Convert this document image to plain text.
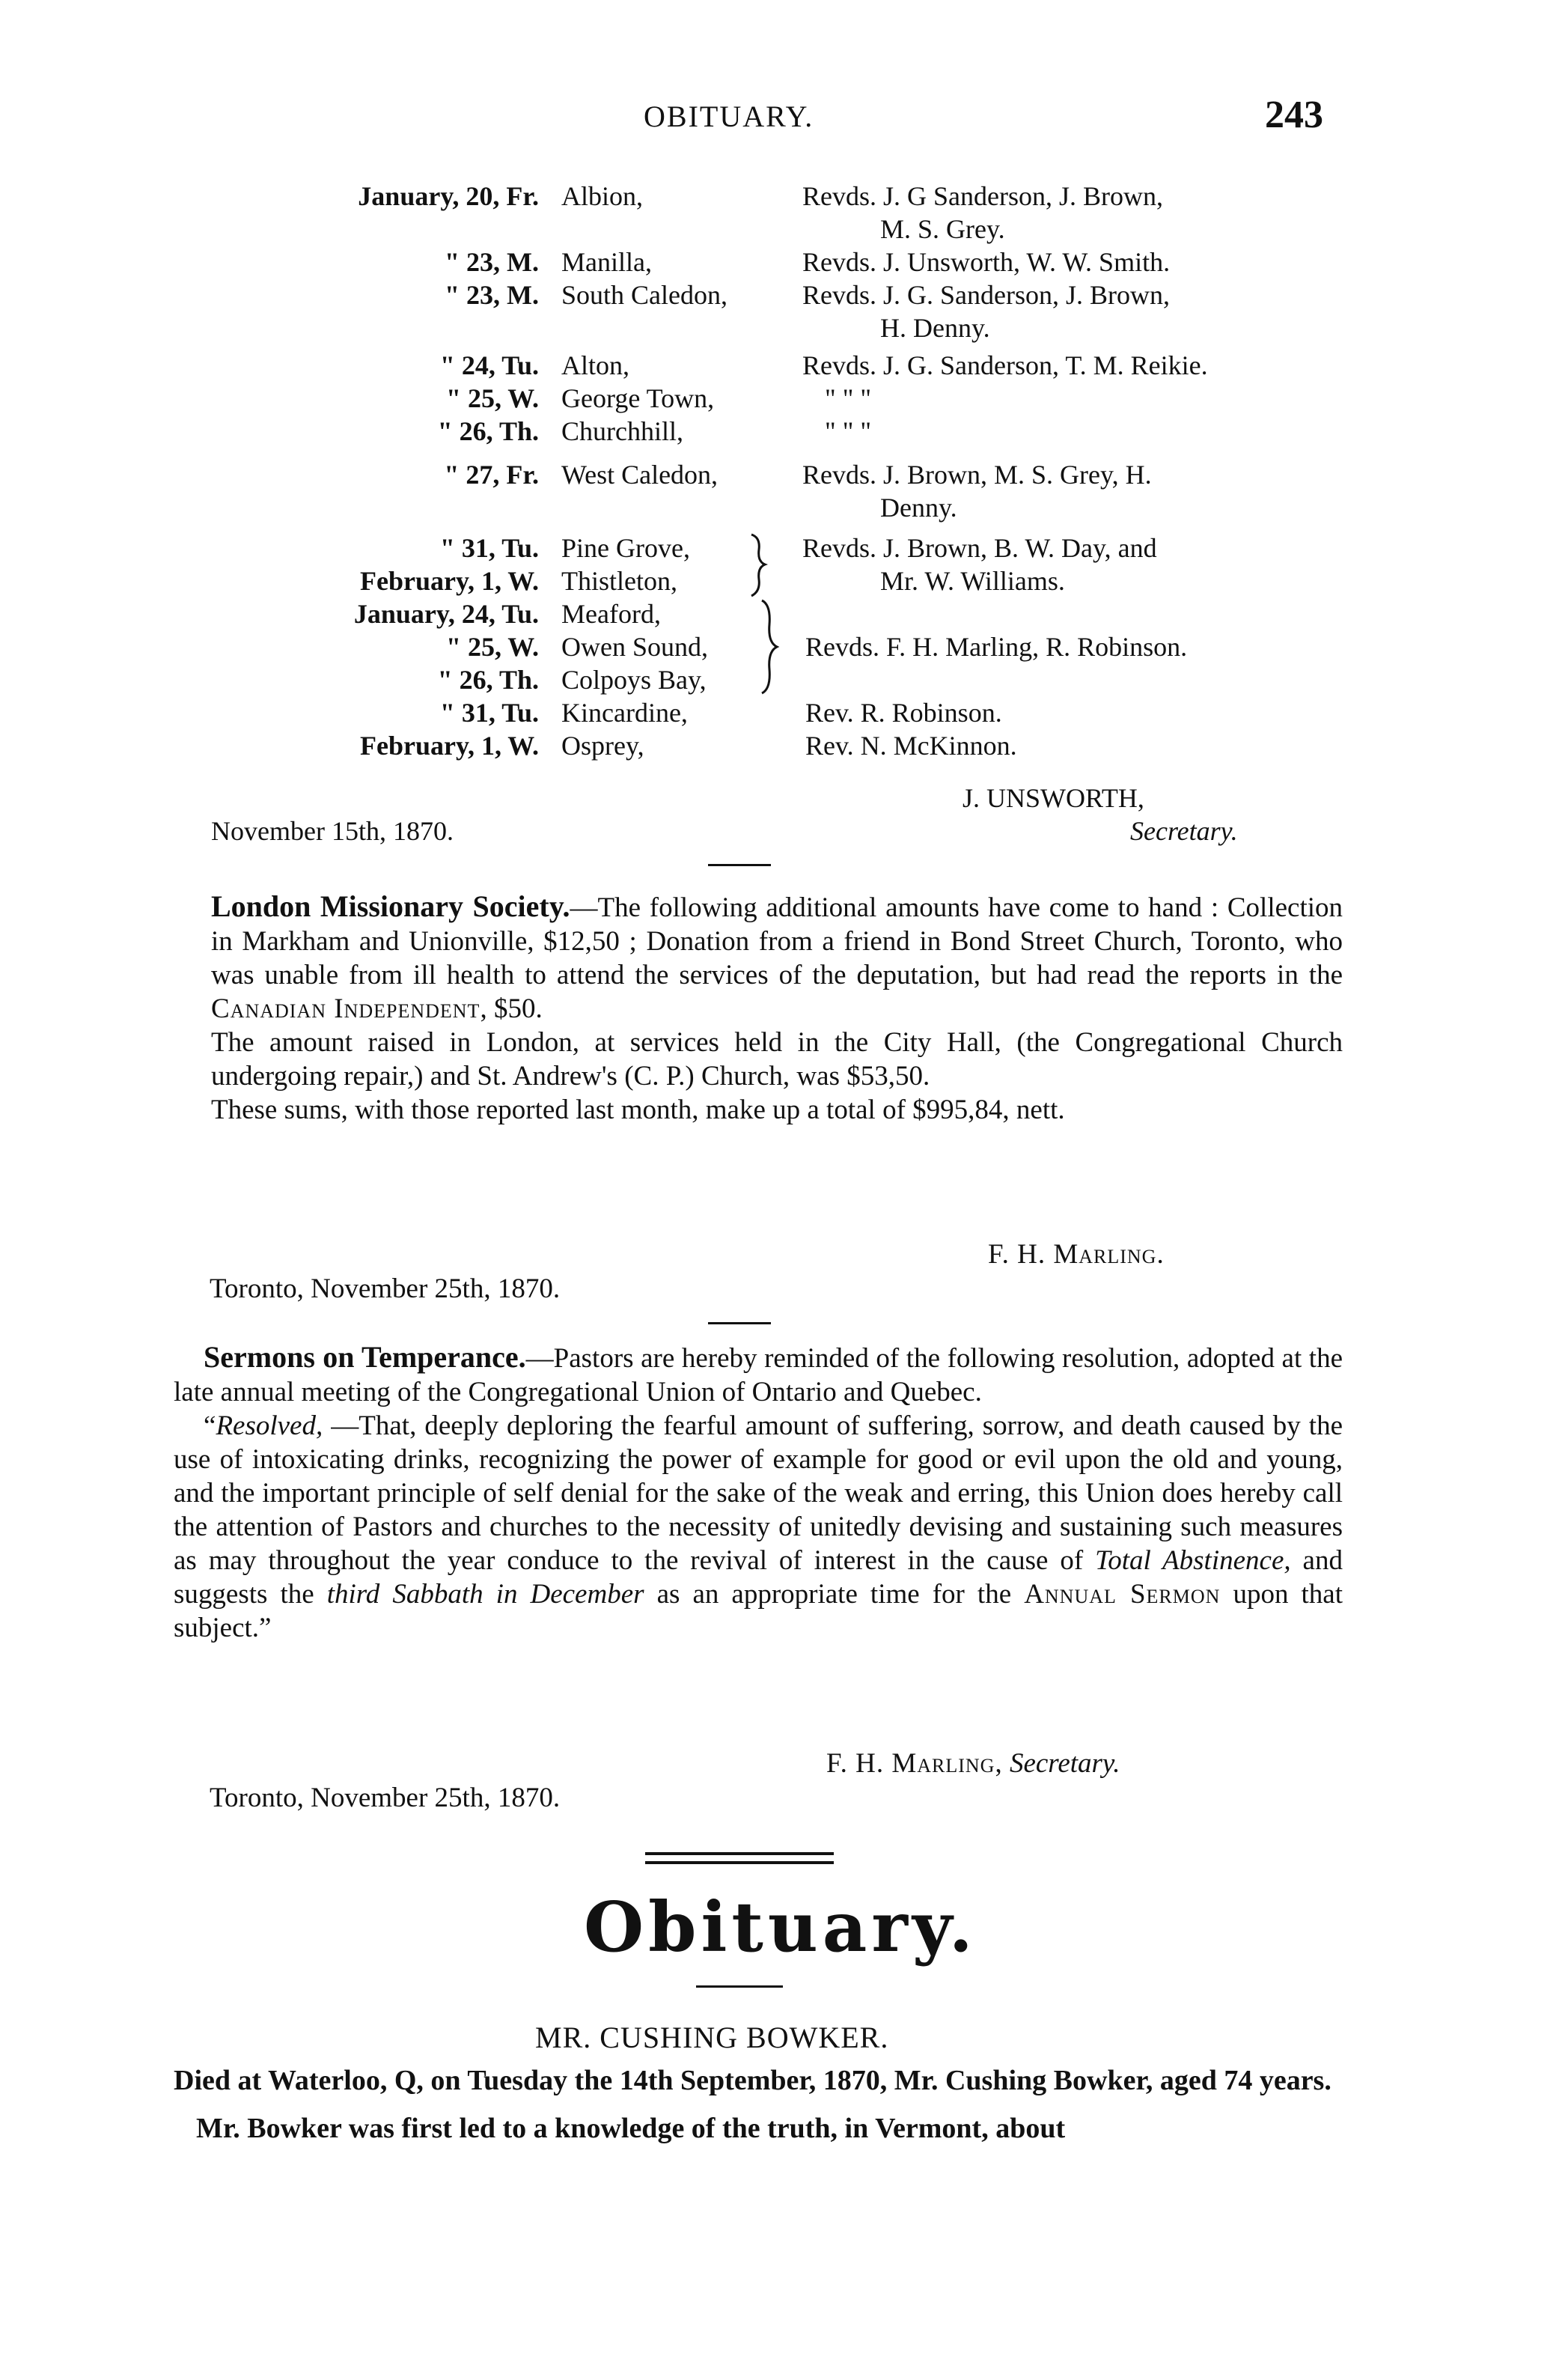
OBITUARY.	243
January, 20, Fr. Albion,	Revds. J. G Sanderson, J. Brown,
M. S. Grey.
" 23, M. Manilla,	Revds. J. Unsworth, W. W. Smith.
" 23, M. South Caledon,	Revds. J. G. Sanderson, J. Brown,
H. Denny.
" 24, Tu. Alton,	Revds. J. G. Sanderson, T. M. Reikie.
" 25, W. George Town,	" " "
" 26, Th. Churchhill,	" " "
" 27, Fr. West Caledon,	Revds. J. Brown, M. S. Grey, H.
Denny.
" 31, Tu. Pine Grove,	Revds. J. Brown, B. W. Day, and
February, 1, W. Thistleton,	Mr. W. Williams.
January, 24, Tu. Meaford,
" 25, W. Owen Sound,	Revds. F. H. Marling, R. Robinson.
" 26, Th. Colpoys Bay,
" 31, Tu. Kincardine,	Rev. R. Robinson.
February, 1, W. Osprey,	Rev. N. McKinnon.
J. UNSWORTH,
November 15th, 1870.	Secretary.

London Missionary Society.—The following additional amounts have come to hand : Collection in Markham and Unionville, $12,50 ; Donation from a friend in Bond Street Church, Toronto, who was unable from ill health to attend the services of the deputation, but had read the reports in the Canadian Independent, $50.

The amount raised in London, at services held in the City Hall, (the Congregational Church undergoing repair,) and St. Andrew's (C. P.) Church, was $53,50.

These sums, with those reported last month, make up a total of $995,84, nett.

F. H. Marling.
Toronto, November 25th, 1870.

Sermons on Temperance.—Pastors are hereby reminded of the following resolution, adopted at the late annual meeting of the Congregational Union of Ontario and Quebec.

“Resolved, —That, deeply deploring the fearful amount of suffering, sorrow, and death caused by the use of intoxicating drinks, recognizing the power of example for good or evil upon the old and young, and the important principle of self denial for the sake of the weak and erring, this Union does hereby call the attention of Pastors and churches to the necessity of unitedly devising and sustaining such measures as may throughout the year conduce to the revival of interest in the cause of Total Abstinence, and suggests the third Sabbath in December as an appropriate time for the Annual Sermon upon that subject.”

F. H. Marling, Secretary.
Toronto, November 25th, 1870.
Obituary.
MR. CUSHING BOWKER.

Died at Waterloo, Q, on Tuesday the 14th September, 1870, Mr. Cushing Bowker, aged 74 years.

Mr. Bowker was first led to a knowledge of the truth, in Vermont, about
